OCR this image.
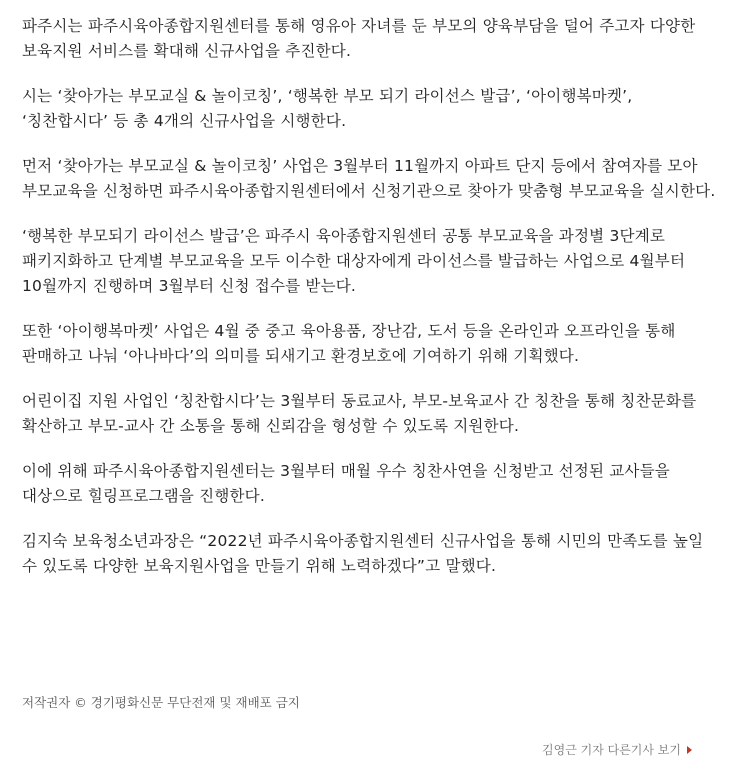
파주시는 파주시육아종합지원센터를 통해 영유아 자녀를 둔 부모의 양육부담을 덜어 주고자 다양한 보육지원 서비스를 확대해 신규사업을 추진한다.

시는 ‘찾아가는 부모교실 & 놀이코칭’, ‘행복한 부모 되기 라이선스 발급’, ‘아이행복마켓’, ‘칭찬합시다’ 등 총 4개의 신규사업을 시행한다.

먼저 ‘찾아가는 부모교실 & 놀이코칭’ 사업은 3월부터 11월까지 아파트 단지 등에서 참여자를 모아 부모교육을 신청하면 파주시육아종합지원센터에서 신청기관으로 찾아가 맞춤형 부모교육을 실시한다.

‘행복한 부모되기 라이선스 발급’은 파주시 육아종합지원센터 공통 부모교육을 과정별 3단계로 패키지화하고 단계별 부모교육을 모두 이수한 대상자에게 라이선스를 발급하는 사업으로 4월부터 10월까지 진행하며 3월부터 신청 접수를 받는다.

또한 ‘아이행복마켓’ 사업은 4월 중 중고 육아용품, 장난감, 도서 등을 온라인과 오프라인을 통해 판매하고 나눠 ‘아나바다’의 의미를 되새기고 환경보호에 기여하기 위해 기획했다.

어린이집 지원 사업인 ‘칭찬합시다’는 3월부터 동료교사, 부모-보육교사 간 칭찬을 통해 칭찬문화를 확산하고 부모-교사 간 소통을 통해 신뢰감을 형성할 수 있도록 지원한다.

이에 위해 파주시육아종합지원센터는 3월부터 매월 우수 칭찬사연을 신청받고 선정된 교사들을 대상으로 힐링프로그램을 진행한다.

김지숙 보육청소년과장은 “2022년 파주시육아종합지원센터 신규사업을 통해 시민의 만족도를 높일 수 있도록 다양한 보육지원사업을 만들기 위해 노력하겠다”고 말했다.

저작권자 © 경기평화신문 무단전재 및 재배포 금지
김영근 기자 다른기사 보기
